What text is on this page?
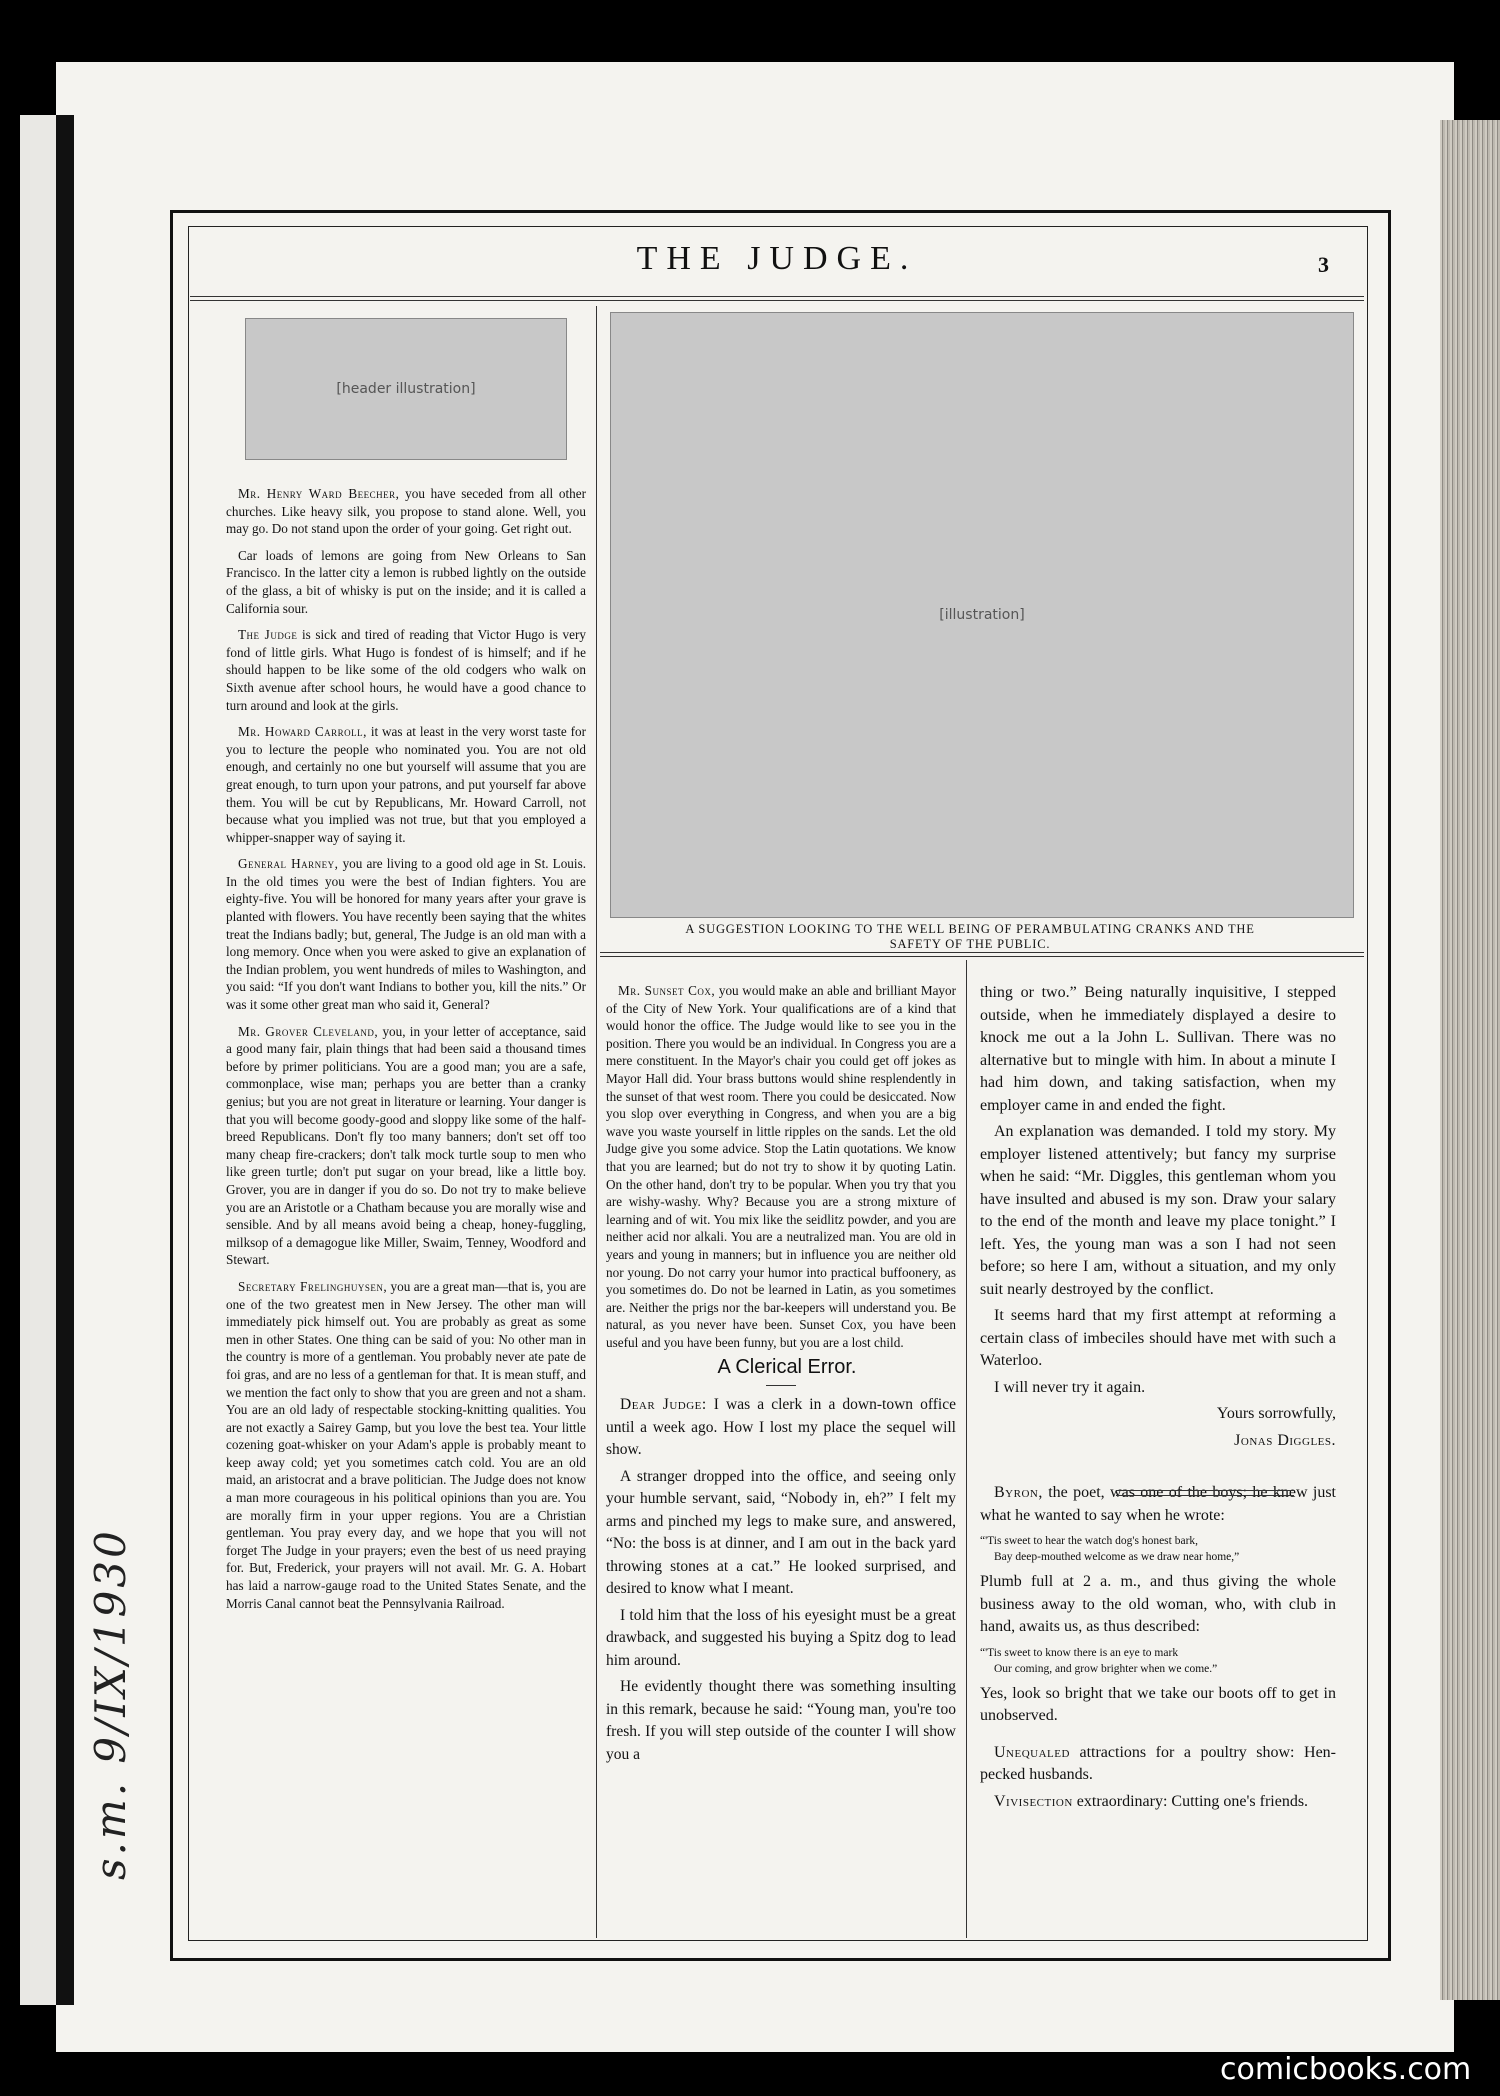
s.m. 9/IX/1930
THE JUDGE.	3
[header illustration]
[illustration]
A SUGGESTION LOOKING TO THE WELL BEING OF PERAMBULATING CRANKS AND THE
SAFETY OF THE PUBLIC.

Mr. Henry Ward Beecher, you have seceded from all other churches. Like heavy silk, you propose to stand alone. Well, you may go. Do not stand upon the order of your going. Get right out.

Car loads of lemons are going from New Orleans to San Francisco. In the latter city a lemon is rubbed lightly on the outside of the glass, a bit of whisky is put on the inside; and it is called a California sour.

The Judge is sick and tired of reading that Victor Hugo is very fond of little girls. What Hugo is fondest of is himself; and if he should happen to be like some of the old codgers who walk on Sixth avenue after school hours, he would have a good chance to turn around and look at the girls.

Mr. Howard Carroll, it was at least in the very worst taste for you to lecture the people who nominated you. You are not old enough, and certainly no one but yourself will assume that you are great enough, to turn upon your patrons, and put yourself far above them. You will be cut by Republicans, Mr. Howard Carroll, not because what you implied was not true, but that you employed a whipper-snapper way of saying it.

General Harney, you are living to a good old age in St. Louis. In the old times you were the best of Indian fighters. You are eighty-five. You will be honored for many years after your grave is planted with flowers. You have recently been saying that the whites treat the Indians badly; but, general, The Judge is an old man with a long memory. Once when you were asked to give an explanation of the Indian problem, you went hundreds of miles to Washington, and you said: “If you don't want Indians to bother you, kill the nits.” Or was it some other great man who said it, General?

Mr. Grover Cleveland, you, in your letter of acceptance, said a good many fair, plain things that had been said a thousand times before by primer politicians. You are a good man; you are a safe, commonplace, wise man; perhaps you are better than a cranky genius; but you are not great in literature or learning. Your danger is that you will become goody-good and sloppy like some of the half-breed Republicans. Don't fly too many banners; don't set off too many cheap fire-crackers; don't talk mock turtle soup to men who like green turtle; don't put sugar on your bread, like a little boy. Grover, you are in danger if you do so. Do not try to make believe you are an Aristotle or a Chatham because you are morally wise and sensible. And by all means avoid being a cheap, honey-fuggling, milksop of a demagogue like Miller, Swaim, Tenney, Woodford and Stewart.

Secretary Frelinghuysen, you are a great man—that is, you are one of the two greatest men in New Jersey. The other man will immediately pick himself out. You are probably as great as some men in other States. One thing can be said of you: No other man in the country is more of a gentleman. You probably never ate pate de foi gras, and are no less of a gentleman for that. It is mean stuff, and we mention the fact only to show that you are green and not a sham. You are an old lady of respectable stocking-knitting qualities. You are not exactly a Sairey Gamp, but you love the best tea. Your little cozening goat-whisker on your Adam's apple is probably meant to keep away cold; yet you sometimes catch cold. You are an old maid, an aristocrat and a brave politician. The Judge does not know a man more courageous in his political opinions than you are. You are morally firm in your upper regions. You are a Christian gentleman. You pray every day, and we hope that you will not forget The Judge in your prayers; even the best of us need praying for. But, Frederick, your prayers will not avail. Mr. G. A. Hobart has laid a narrow-gauge road to the United States Senate, and the Morris Canal cannot beat the Pennsylvania Railroad.

Mr. Sunset Cox, you would make an able and brilliant Mayor of the City of New York. Your qualifications are of a kind that would honor the office. The Judge would like to see you in the position. There you would be an individual. In Congress you are a mere constituent. In the Mayor's chair you could get off jokes as Mayor Hall did. Your brass buttons would shine resplendently in the sunset of that west room. There you could be desiccated. Now you slop over everything in Congress, and when you are a big wave you waste yourself in little ripples on the sands. Let the old Judge give you some advice. Stop the Latin quotations. We know that you are learned; but do not try to show it by quoting Latin. On the other hand, don't try to be popular. When you try that you are wishy-washy. Why? Because you are a strong mixture of learning and of wit. You mix like the seidlitz powder, and you are neither acid nor alkali. You are a neutralized man. You are old in years and young in manners; but in influence you are neither old nor young. Do not carry your humor into practical buffoonery, as you sometimes do. Do not be learned in Latin, as you sometimes are. Neither the prigs nor the bar-keepers will understand you. Be natural, as you never have been. Sunset Cox, you have been useful and you have been funny, but you are a lost child.

A Clerical Error.

Dear Judge: I was a clerk in a down-town office until a week ago. How I lost my place the sequel will show.

A stranger dropped into the office, and seeing only your humble servant, said, “Nobody in, eh?” I felt my arms and pinched my legs to make sure, and answered, “No: the boss is at dinner, and I am out in the back yard throwing stones at a cat.” He looked surprised, and desired to know what I meant.

I told him that the loss of his eyesight must be a great drawback, and suggested his buying a Spitz dog to lead him around.

He evidently thought there was something insulting in this remark, because he said: “Young man, you're too fresh. If you will step outside of the counter I will show you a

thing or two.” Being naturally inquisitive, I stepped outside, when he immediately displayed a desire to knock me out a la John L. Sullivan. There was no alternative but to mingle with him. In about a minute I had him down, and taking satisfaction, when my employer came in and ended the fight.

An explanation was demanded. I told my story. My employer listened attentively; but fancy my surprise when he said: “Mr. Diggles, this gentleman whom you have insulted and abused is my son. Draw your salary to the end of the month and leave my place tonight.” I left. Yes, the young man was a son I had not seen before; so here I am, without a situation, and my only suit nearly destroyed by the conflict.

It seems hard that my first attempt at reforming a certain class of imbeciles should have met with such a Waterloo.

I will never try it again.

Yours sorrowfully,

Jonas Diggles.

Byron, the poet, was one of the boys; he knew just what he wanted to say when he wrote:

“'Tis sweet to hear the watch dog's honest bark,
Bay deep-mouthed welcome as we draw near home,”

Plumb full at 2 a. m., and thus giving the whole business away to the old woman, who, with club in hand, awaits us, as thus described:

“'Tis sweet to know there is an eye to mark
Our coming, and grow brighter when we come.”

Yes, look so bright that we take our boots off to get in unobserved.

Unequaled attractions for a poultry show: Hen-pecked husbands.

Vivisection extraordinary: Cutting one's friends.

comicbooks.com
